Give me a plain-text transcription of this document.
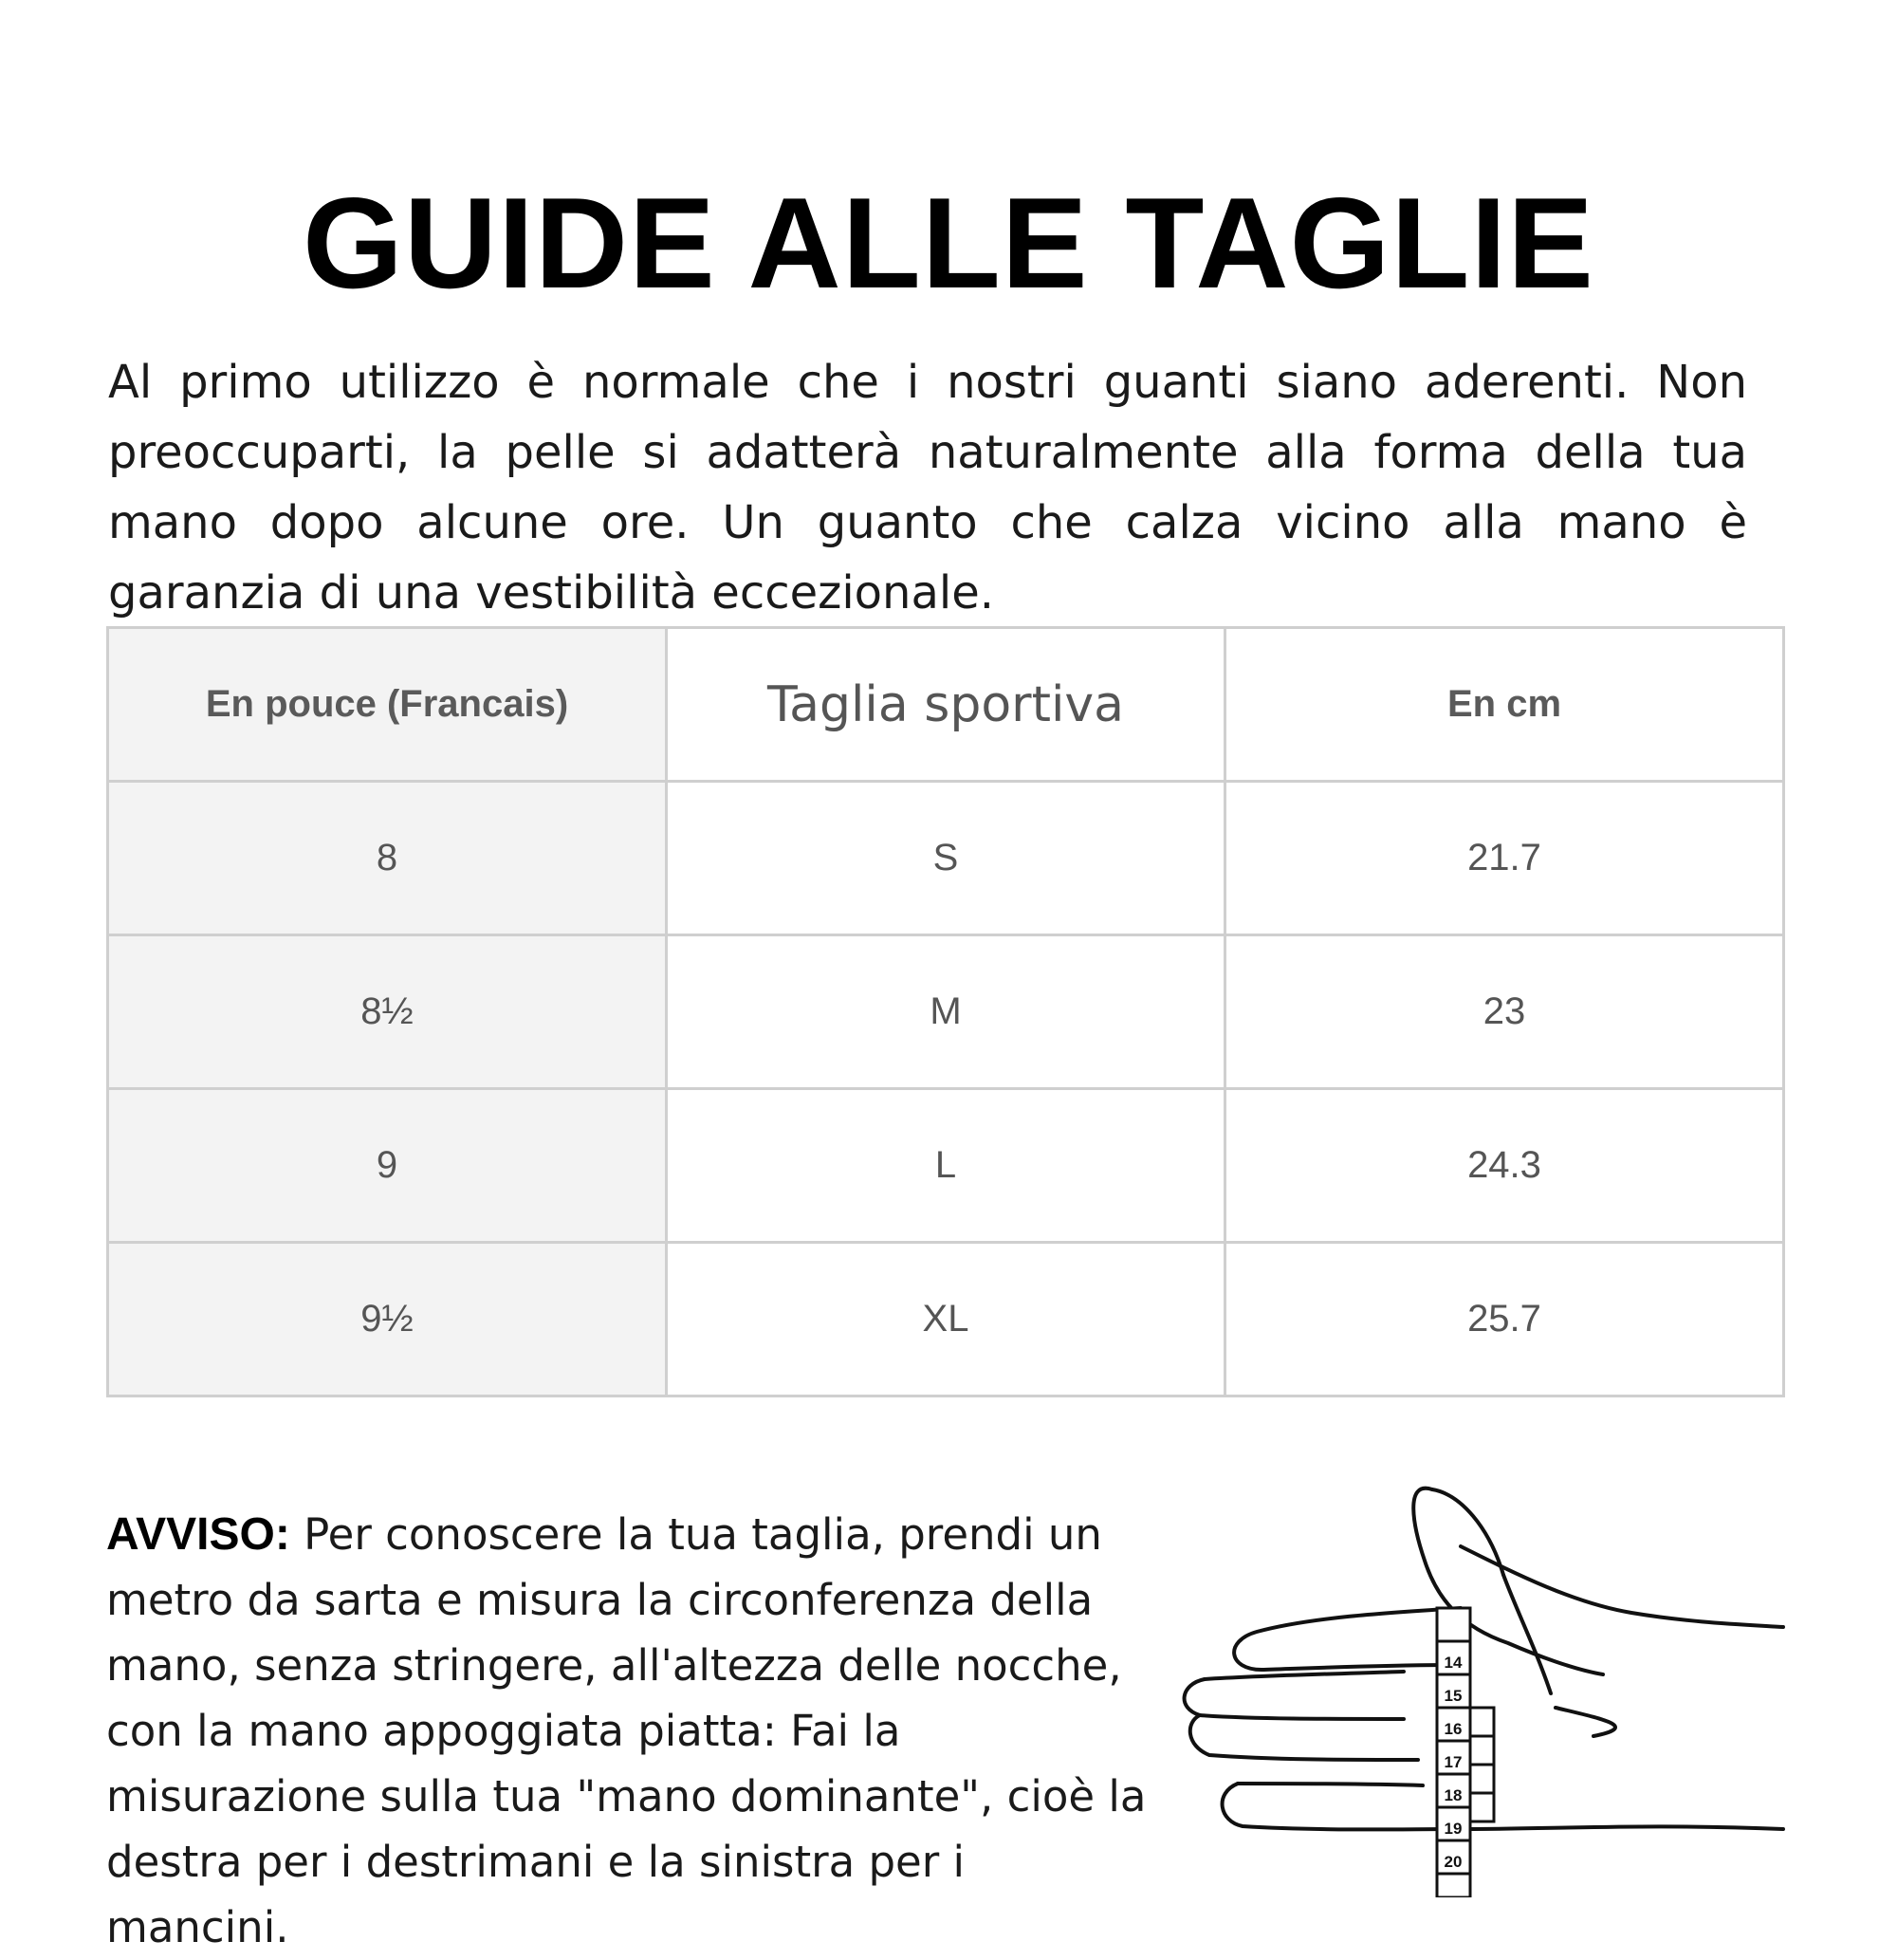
GUIDE ALLE TAGLIE

Al primo utilizzo è normale che i nostri guanti siano aderenti. Non preoccuparti, la pelle si adatterà naturalmente alla forma della tua mano dopo alcune ore. Un guanto che calza vicino alla mano è garanzia di una vestibilità eccezionale.

En pouce (Francais)	Taglia sportiva	En cm
8	S	21.7
8½	M	23
9	L	24.3
9½	XL	25.7

AVVISO: Per conoscere la tua taglia, prendi un metro da sarta e misura la circonferenza della mano, senza stringere, all'altezza delle nocche, con la mano appoggiata piatta: Fai la misurazione sulla tua "mano dominante", cioè la destra per i destrimani e la sinistra per i mancini.

14
15
16
17
18
19
20
